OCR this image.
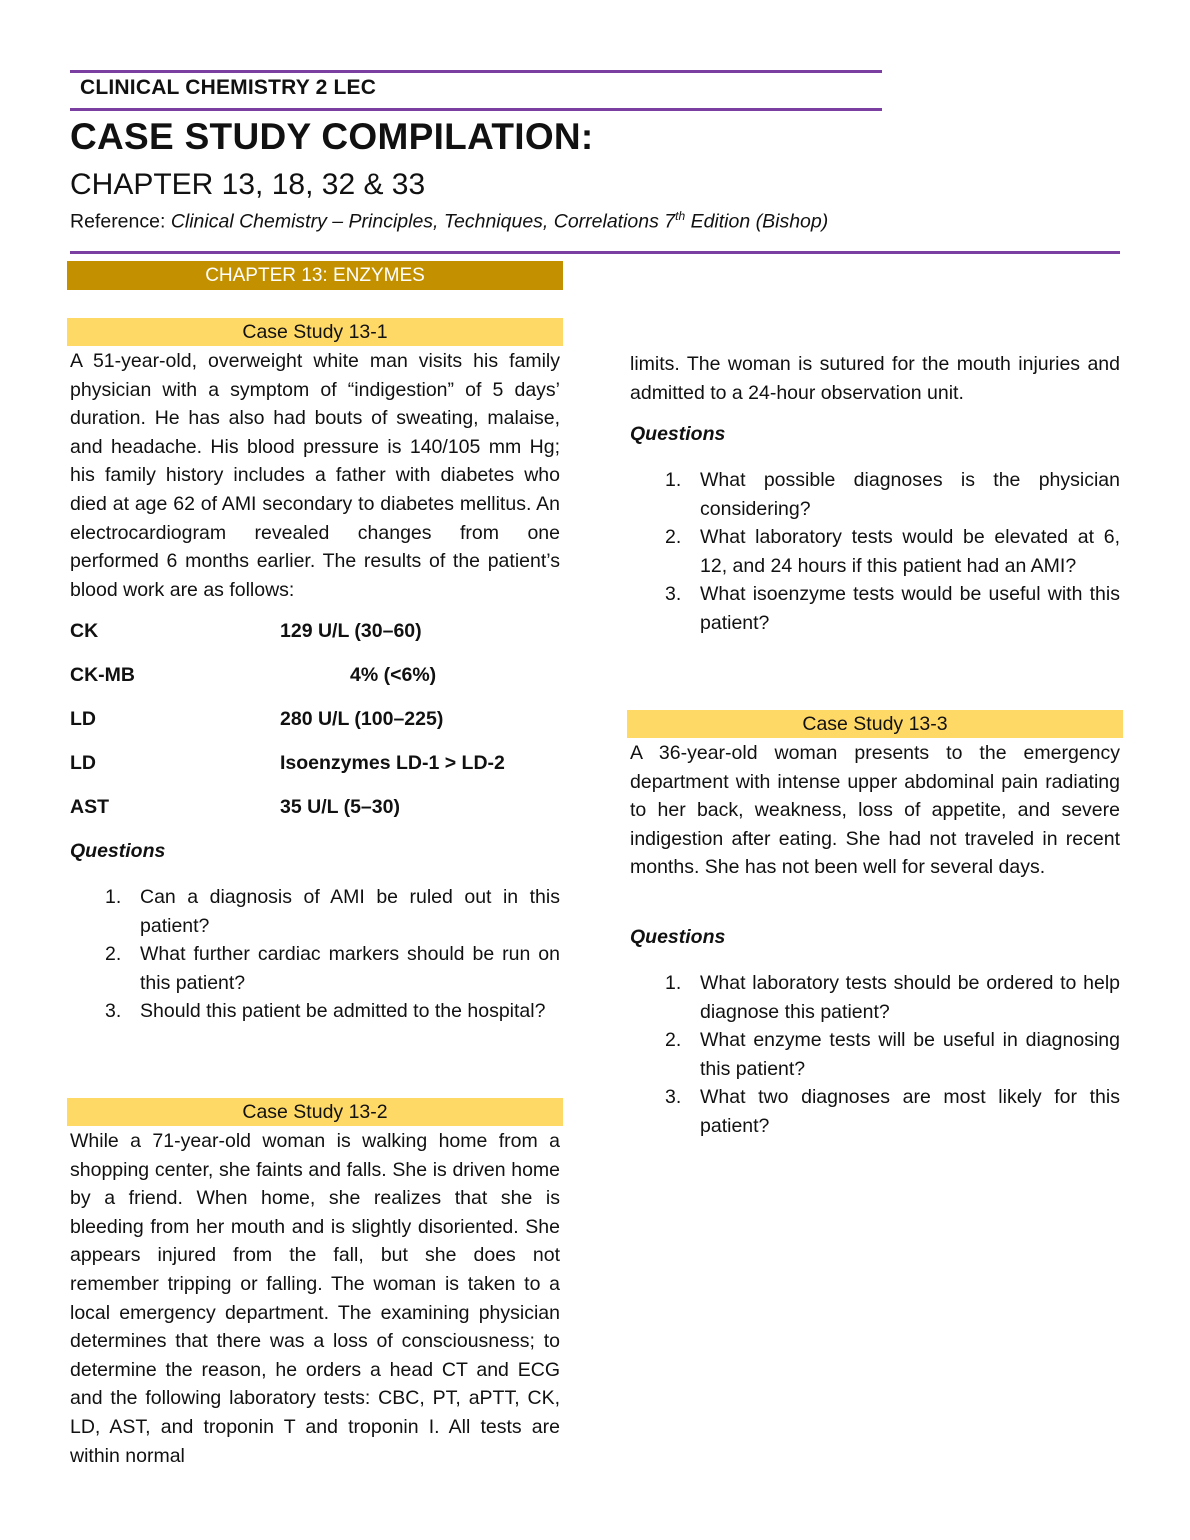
CLINICAL CHEMISTRY 2 LEC
CASE STUDY COMPILATION:
CHAPTER 13, 18, 32 & 33
Reference: Clinical Chemistry – Principles, Techniques, Correlations 7th Edition (Bishop)
CHAPTER 13: ENZYMES
Case Study 13-1
A 51-year-old, overweight white man visits his family physician with a symptom of “indigestion” of 5 days’ duration. He has also had bouts of sweating, malaise, and headache. His blood pressure is 140/105 mm Hg; his family history includes a father with diabetes who died at age 62 of AMI secondary to diabetes mellitus. An electrocardiogram revealed changes from one performed 6 months earlier. The results of the patient’s blood work are as follows:
CK	129 U/L (30–60)
CK-MB	4% (<6%)
LD	280 U/L (100–225)
LD	Isoenzymes LD-1 > LD-2
AST	35 U/L (5–30)
Questions
1. Can a diagnosis of AMI be ruled out in this patient?
2. What further cardiac markers should be run on this patient?
3. Should this patient be admitted to the hospital?
Case Study 13-2
While a 71-year-old woman is walking home from a shopping center, she faints and falls. She is driven home by a friend. When home, she realizes that she is bleeding from her mouth and is slightly disoriented. She appears injured from the fall, but she does not remember tripping or falling. The woman is taken to a local emergency department. The examining physician determines that there was a loss of consciousness; to determine the reason, he orders a head CT and ECG and the following laboratory tests: CBC, PT, aPTT, CK, LD, AST, and troponin T and troponin I. All tests are within normal
limits. The woman is sutured for the mouth injuries and admitted to a 24-hour observation unit.
Questions
1. What possible diagnoses is the physician considering?
2. What laboratory tests would be elevated at 6, 12, and 24 hours if this patient had an AMI?
3. What isoenzyme tests would be useful with this patient?
Case Study 13-3
A 36-year-old woman presents to the emergency department with intense upper abdominal pain radiating to her back, weakness, loss of appetite, and severe indigestion after eating. She had not traveled in recent months. She has not been well for several days.
Questions
1. What laboratory tests should be ordered to help diagnose this patient?
2. What enzyme tests will be useful in diagnosing this patient?
3. What two diagnoses are most likely for this patient?
